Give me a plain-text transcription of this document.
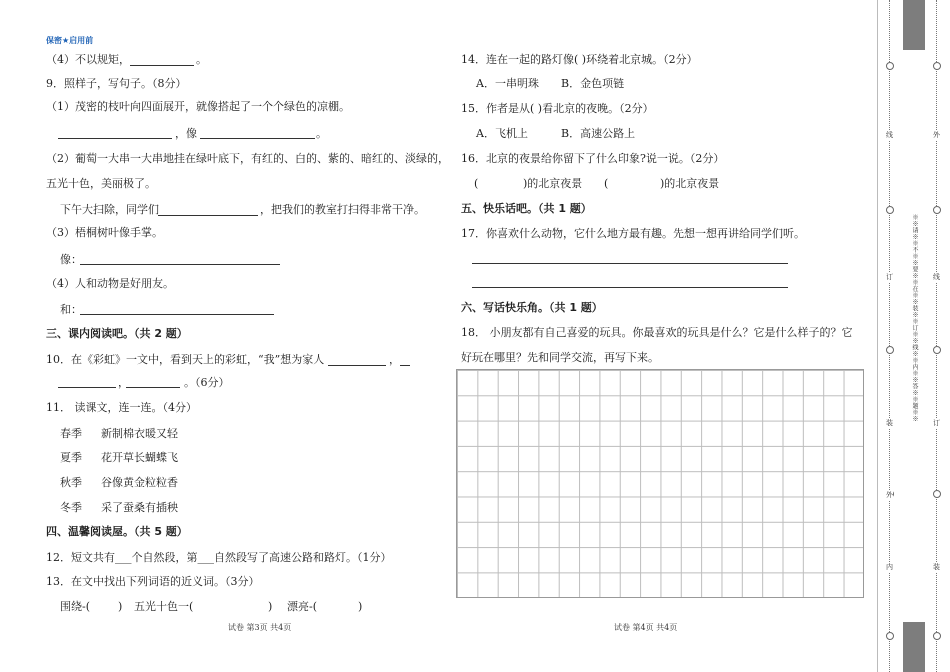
保密★启用前
（4）不以规矩，	。
9．照样子，写句子。（8分）
（1）茂密的枝叶向四面展开，就像搭起了一个个绿色的凉棚。
，像	。
（2）葡萄一大串一大串地挂在绿叶底下，有红的、白的、紫的、暗红的、淡绿的，
五光十色，美丽极了。
下午大扫除，同学们	，把我们的教室打扫得非常干净。
（3）梧桐树叶像手掌。
像：
（4）人和动物是好朋友。
和：
三、课内阅读吧。（共 2 题）
10．在《彩虹》一文中，看到天上的彩虹，“我”想为家人	，
，	。（6分）
11． 读课文，连一连。（4分）
春季 新制棉衣暖又轻
夏季 花开草长蝴蝶飞
秋季 谷像黄金粒粒香
冬季 采了蚕桑有插秧
四、温馨阅读屋。（共 5 题）
12．短文共有___个自然段，第___自然段写了高速公路和路灯。（1分）
13．在文中找出下列词语的近义词。（3分）
围绕-(	) 五光十色一(	) 漂亮-(	)
试卷 第3页 共4页
14．连在一起的路灯像( )环绕着北京城。（2分）
A．一串明珠 B．金色项链
15．作者是从( )看北京的夜晚。（2分）
A．飞机上	B．高速公路上
16．北京的夜景给你留下了什么印象?说一说。（2分）
(	)的北京夜景 (	)的北京夜景
五、快乐话吧。（共 1 题）
17．你喜欢什么动物，它什么地方最有趣。先想一想再讲给同学们听。
六、写话快乐角。（共 1 题）
18． 小朋友都有自己喜爱的玩具。你最喜欢的玩具是什么？它是什么样子的？它
好玩在哪里？先和同学交流，再写下来。
试卷 第4页 共4页
※※请※※不※※要※※在※※装※※订※※线※※内※※答※※题※※
线
订
装
内
外
线
订
装
外
